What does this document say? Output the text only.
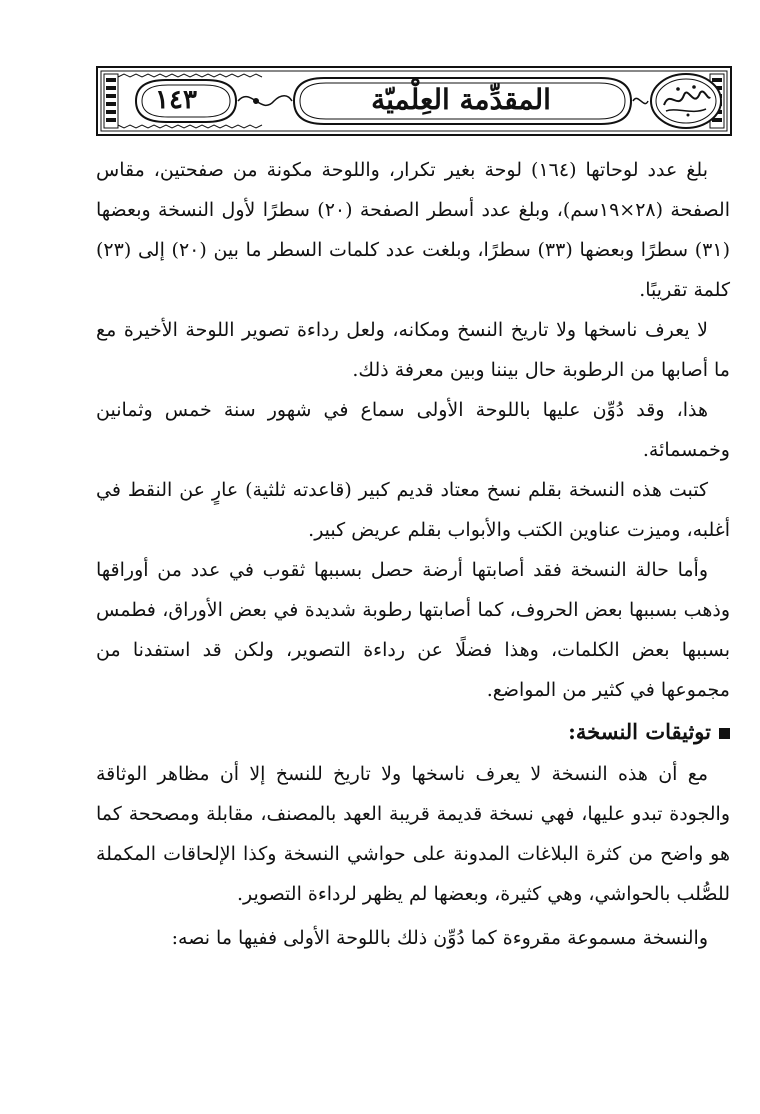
١٤٣	المقدِّمة العِلْميّة

بلغ عدد لوحاتها (١٦٤) لوحة بغير تكرار، واللوحة مكونة من صفحتين، مقاس الصفحة (٢٨×١٩سم)، وبلغ عدد أسطر الصفحة (٢٠) سطرًا لأول النسخة وبعضها (٣١) سطرًا وبعضها (٣٣) سطرًا، وبلغت عدد كلمات السطر ما بين (٢٠) إلى (٢٣) كلمة تقريبًا.

لا يعرف ناسخها ولا تاريخ النسخ ومكانه، ولعل رداءة تصوير اللوحة الأخيرة مع ما أصابها من الرطوبة حال بيننا وبين معرفة ذلك.

هذا، وقد دُوِّن عليها باللوحة الأولى سماع في شهور سنة خمس وثمانين وخمسمائة.

كتبت هذه النسخة بقلم نسخ معتاد قديم كبير (قاعدته ثلثية) عارٍ عن النقط في أغلبه، وميزت عناوين الكتب والأبواب بقلم عريض كبير.

وأما حالة النسخة فقد أصابتها أرضة حصل بسببها ثقوب في عدد من أوراقها وذهب بسببها بعض الحروف، كما أصابتها رطوبة شديدة في بعض الأوراق، فطمس بسببها بعض الكلمات، وهذا فضلًا عن رداءة التصوير، ولكن قد استفدنا من مجموعها في كثير من المواضع.

توثيقات النسخة:

مع أن هذه النسخة لا يعرف ناسخها ولا تاريخ للنسخ إلا أن مظاهر الوثاقة والجودة تبدو عليها، فهي نسخة قديمة قريبة العهد بالمصنف، مقابلة ومصححة كما هو واضح من كثرة البلاغات المدونة على حواشي النسخة وكذا الإلحاقات المكملة للصُّلب بالحواشي، وهي كثيرة، وبعضها لم يظهر لرداءة التصوير.

والنسخة مسموعة مقروءة كما دُوِّن ذلك باللوحة الأولى ففيها ما نصه:
